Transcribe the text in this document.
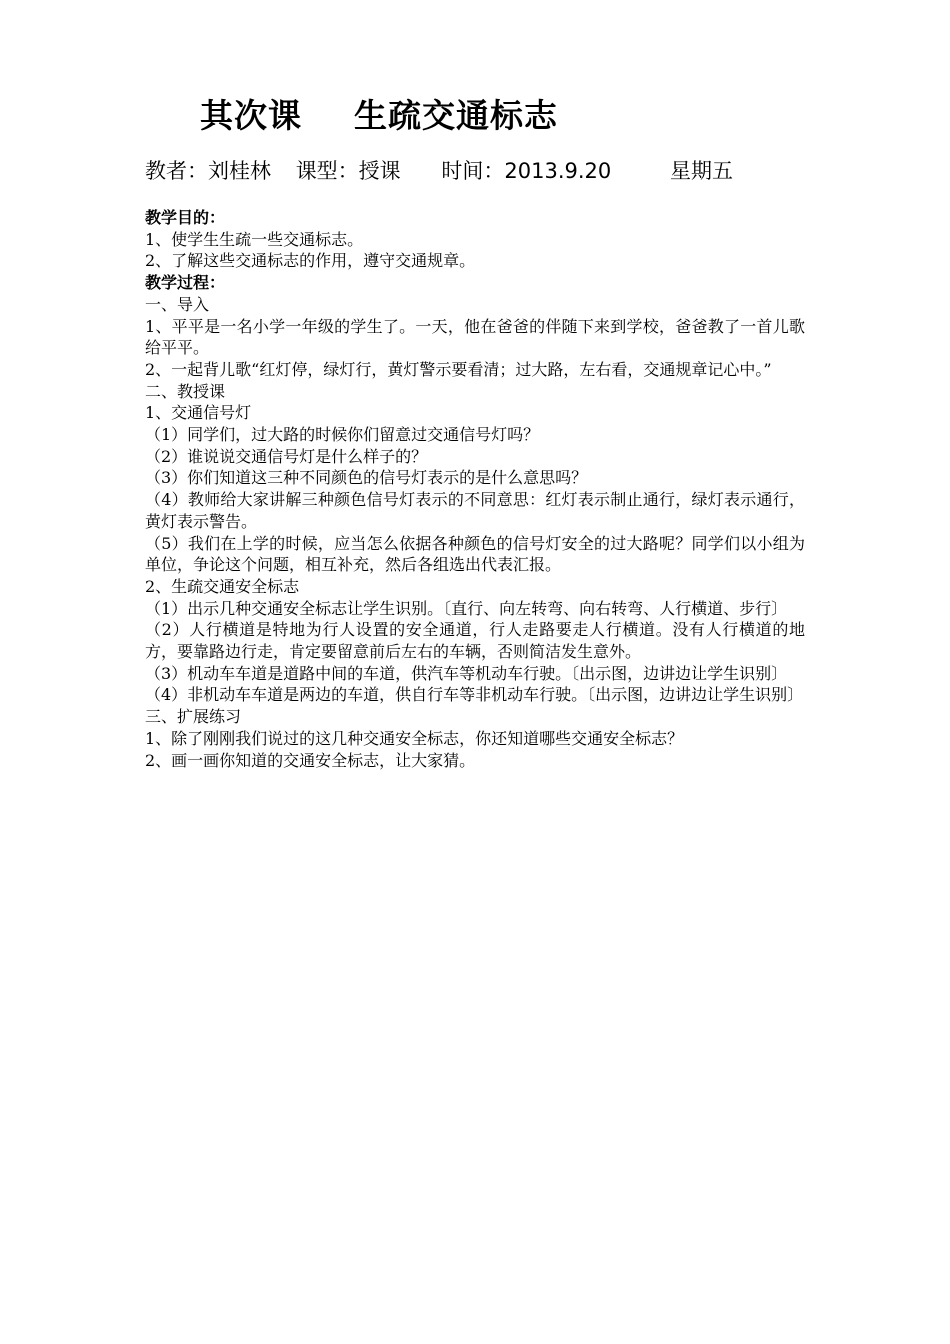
其次课 生疏交通标志
教者：刘桂林 课型：授课 时间：2013.9.20	星期五
教学目的：
1、使学生生疏一些交通标志。
2、了解这些交通标志的作用，遵守交通规章。
教学过程：
一、导入
1、平平是一名小学一年级的学生了。一天，他在爸爸的伴随下来到学校，爸爸教了一首儿歌给平平。
2、一起背儿歌“红灯停，绿灯行，黄灯警示要看清；过大路，左右看，交通规章记心中。”
二、教授课
1、交通信号灯
（1）同学们，过大路的时候你们留意过交通信号灯吗？
（2）谁说说交通信号灯是什么样子的？
（3）你们知道这三种不同颜色的信号灯表示的是什么意思吗？
（4）教师给大家讲解三种颜色信号灯表示的不同意思：红灯表示制止通行，绿灯表示通行，黄灯表示警告。
（5）我们在上学的时候，应当怎么依据各种颜色的信号灯安全的过大路呢？同学们以小组为单位，争论这个问题，相互补充，然后各组选出代表汇报。
2、生疏交通安全标志
（1）出示几种交通安全标志让学生识别。〔直行、向左转弯、向右转弯、人行横道、步行〕
（2）人行横道是特地为行人设置的安全通道，行人走路要走人行横道。没有人行横道的地方，要靠路边行走，肯定要留意前后左右的车辆，否则简洁发生意外。
（3）机动车车道是道路中间的车道，供汽车等机动车行驶。〔出示图，边讲边让学生识别〕
（4）非机动车车道是两边的车道，供自行车等非机动车行驶。〔出示图，边讲边让学生识别〕
三、扩展练习
1、除了刚刚我们说过的这几种交通安全标志，你还知道哪些交通安全标志？
2、画一画你知道的交通安全标志，让大家猜。
